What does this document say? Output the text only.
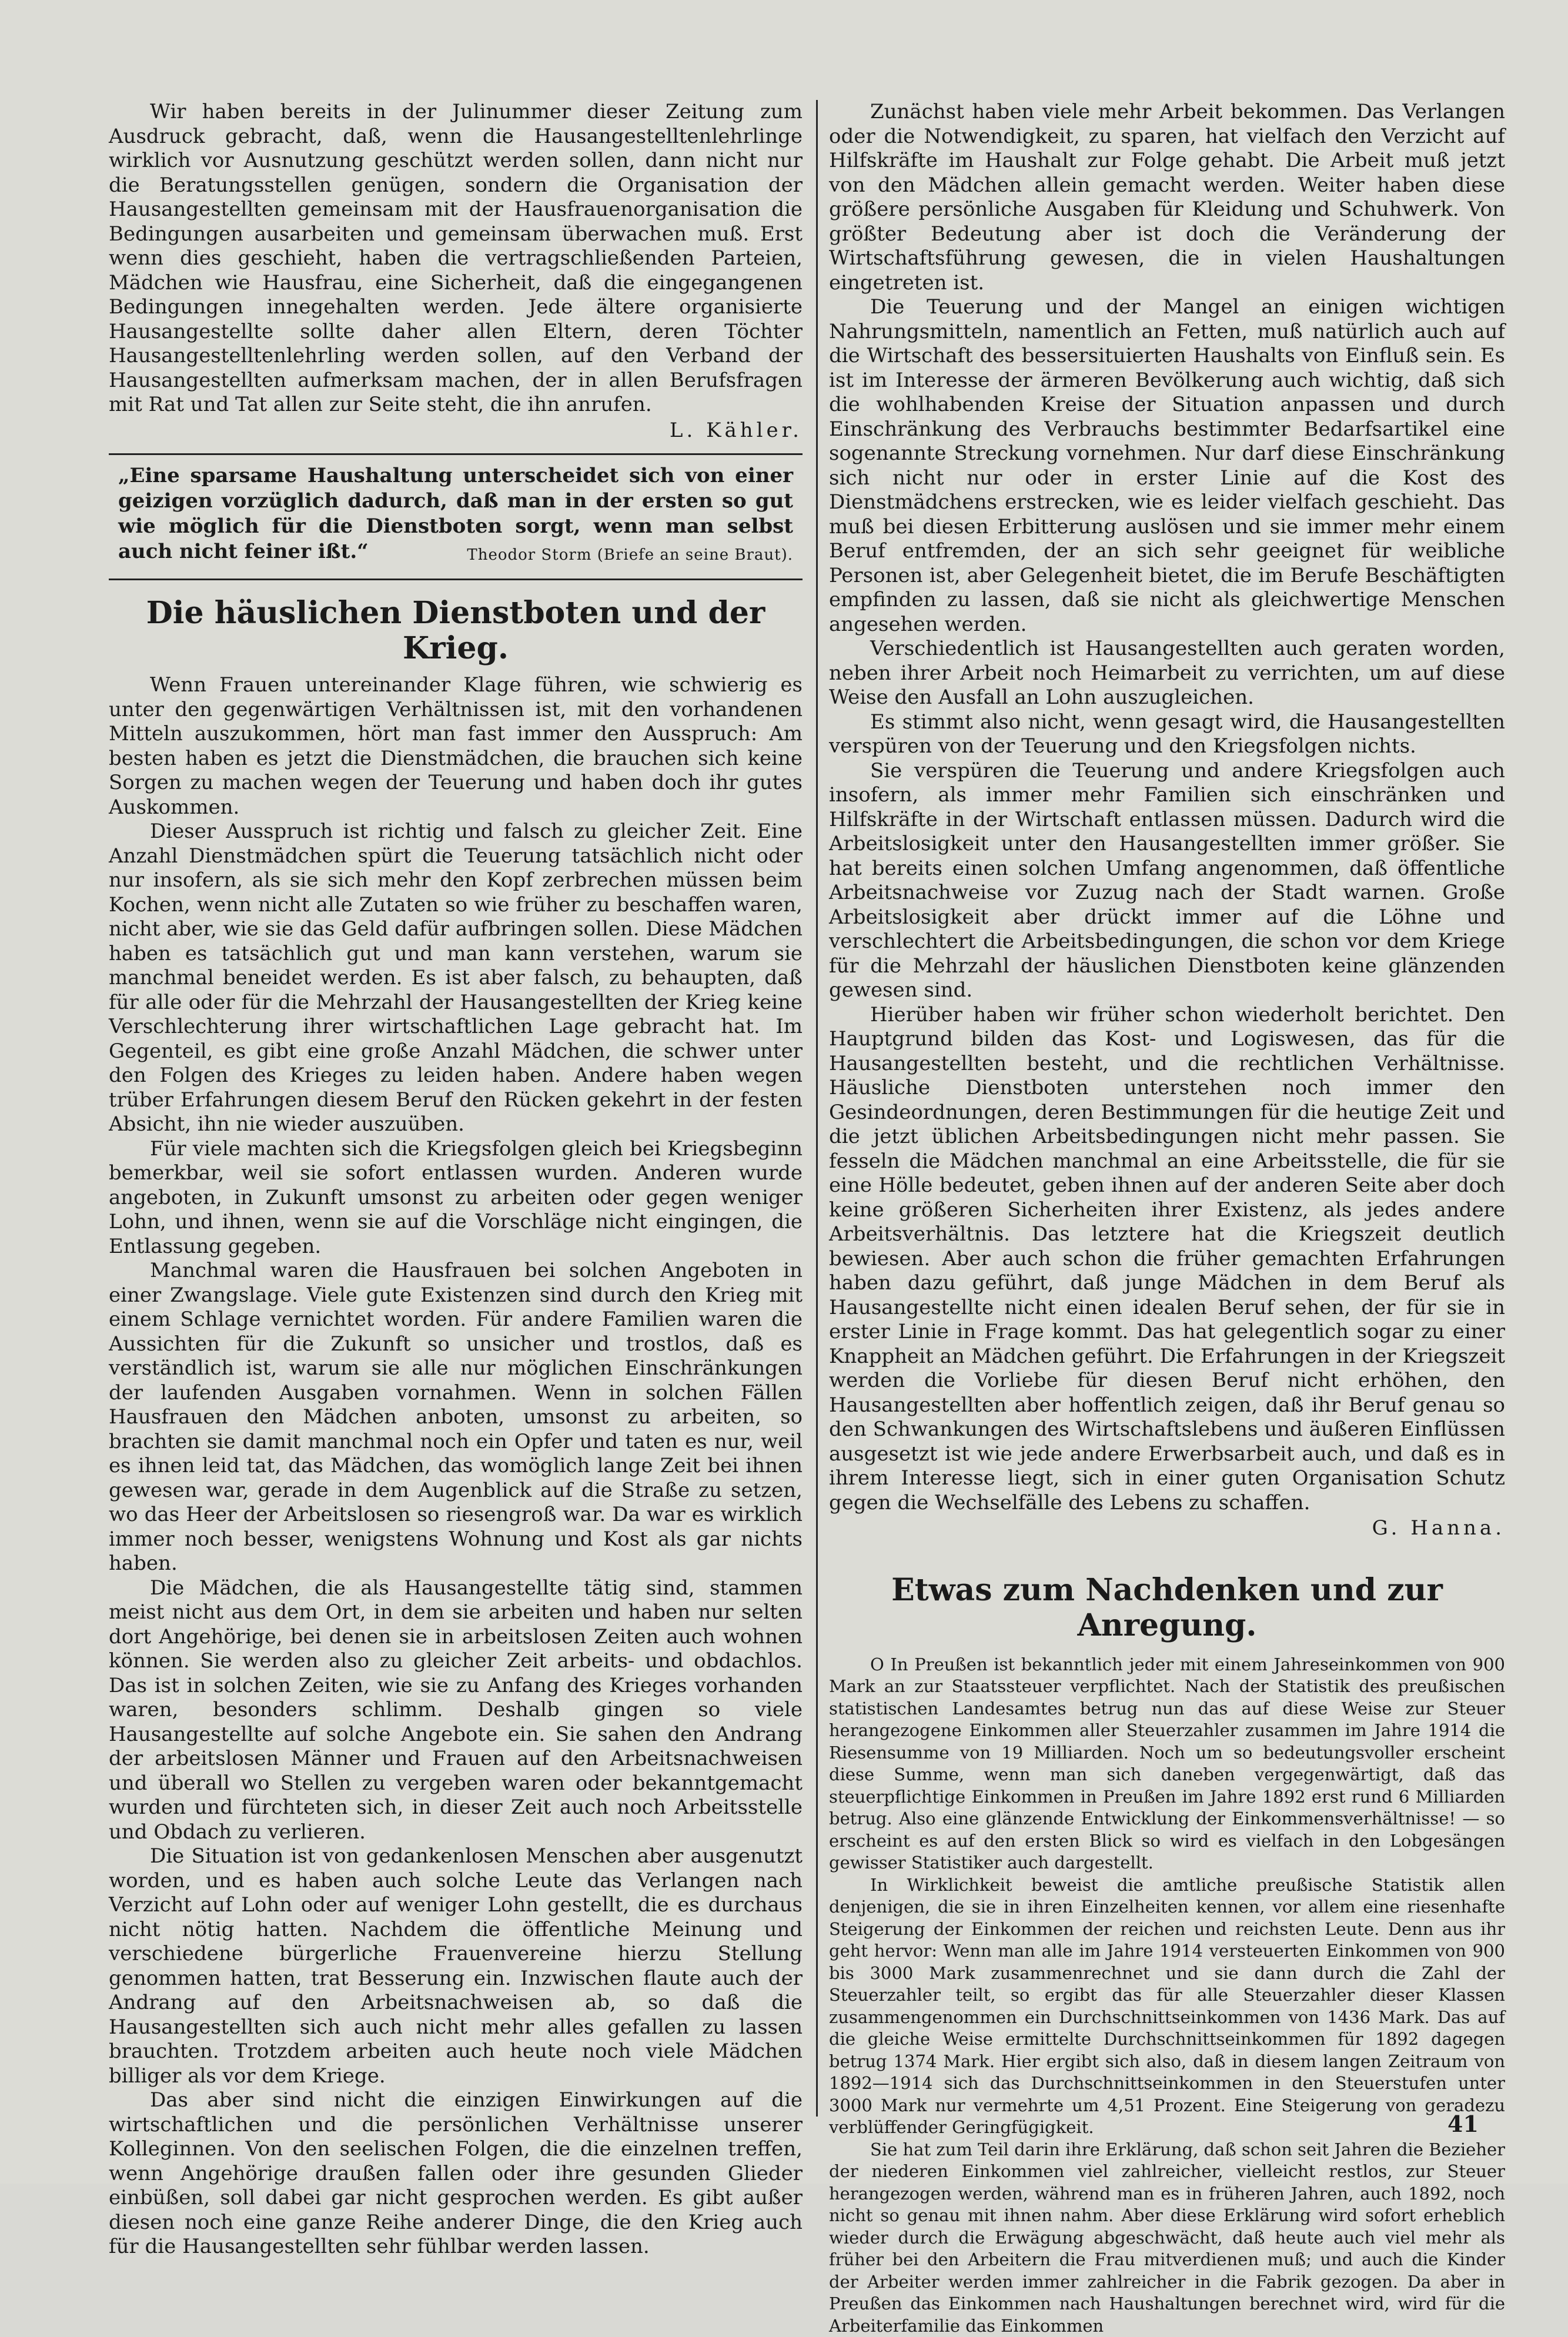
Wir haben bereits in der Julinummer dieser Zeitung zum Ausdruck gebracht, daß, wenn die Hausangestelltenlehrlinge wirklich vor Ausnutzung geschützt werden sollen, dann nicht nur die Beratungsstellen genügen, sondern die Organisation der Hausangestellten gemeinsam mit der Hausfrauenorganisation die Bedingungen ausarbeiten und gemeinsam überwachen muß. Erst wenn dies geschieht, haben die vertragschließenden Parteien, Mädchen wie Hausfrau, eine Sicherheit, daß die eingegangenen Bedingungen innegehalten werden. Jede ältere organisierte Hausangestellte sollte daher allen Eltern, deren Töchter Hausangestelltenlehrling werden sollen, auf den Verband der Hausangestellten aufmerksam machen, der in allen Berufsfragen mit Rat und Tat allen zur Seite steht, die ihn anrufen.

L. Kähler.
„Eine sparsame Haushaltung unterscheidet sich von einer geizigen vorzüglich dadurch, daß man in der ersten so gut wie möglich für die Dienstboten sorgt, wenn man selbst auch nicht feiner ißt.“	Theodor Storm (Briefe an seine Braut).
Die häuslichen Dienstboten und der Krieg.

Wenn Frauen untereinander Klage führen, wie schwierig es unter den gegenwärtigen Verhältnissen ist, mit den vorhandenen Mitteln auszukommen, hört man fast immer den Ausspruch: Am besten haben es jetzt die Dienstmädchen, die brauchen sich keine Sorgen zu machen wegen der Teuerung und haben doch ihr gutes Auskommen.

Dieser Ausspruch ist richtig und falsch zu gleicher Zeit. Eine Anzahl Dienstmädchen spürt die Teuerung tatsächlich nicht oder nur insofern, als sie sich mehr den Kopf zerbrechen müssen beim Kochen, wenn nicht alle Zutaten so wie früher zu beschaffen waren, nicht aber, wie sie das Geld dafür aufbringen sollen. Diese Mädchen haben es tatsächlich gut und man kann verstehen, warum sie manchmal beneidet werden. Es ist aber falsch, zu behaupten, daß für alle oder für die Mehrzahl der Hausangestellten der Krieg keine Verschlechterung ihrer wirtschaftlichen Lage gebracht hat. Im Gegenteil, es gibt eine große Anzahl Mädchen, die schwer unter den Folgen des Krieges zu leiden haben. Andere haben wegen trüber Erfahrungen diesem Beruf den Rücken gekehrt in der festen Absicht, ihn nie wieder auszuüben.

Für viele machten sich die Kriegsfolgen gleich bei Kriegsbeginn bemerkbar, weil sie sofort entlassen wurden. Anderen wurde angeboten, in Zukunft umsonst zu arbeiten oder gegen weniger Lohn, und ihnen, wenn sie auf die Vorschläge nicht eingingen, die Entlassung gegeben.

Manchmal waren die Hausfrauen bei solchen Angeboten in einer Zwangslage. Viele gute Existenzen sind durch den Krieg mit einem Schlage vernichtet worden. Für andere Familien waren die Aussichten für die Zukunft so unsicher und trostlos, daß es verständlich ist, warum sie alle nur möglichen Einschränkungen der laufenden Ausgaben vornahmen. Wenn in solchen Fällen Hausfrauen den Mädchen anboten, umsonst zu arbeiten, so brachten sie damit manchmal noch ein Opfer und taten es nur, weil es ihnen leid tat, das Mädchen, das womöglich lange Zeit bei ihnen gewesen war, gerade in dem Augenblick auf die Straße zu setzen, wo das Heer der Arbeitslosen so riesengroß war. Da war es wirklich immer noch besser, wenigstens Wohnung und Kost als gar nichts haben.

Die Mädchen, die als Hausangestellte tätig sind, stammen meist nicht aus dem Ort, in dem sie arbeiten und haben nur selten dort Angehörige, bei denen sie in arbeitslosen Zeiten auch wohnen können. Sie werden also zu gleicher Zeit arbeits- und obdachlos. Das ist in solchen Zeiten, wie sie zu Anfang des Krieges vorhanden waren, besonders schlimm. Deshalb gingen so viele Hausangestellte auf solche Angebote ein. Sie sahen den Andrang der arbeitslosen Männer und Frauen auf den Arbeitsnachweisen und überall wo Stellen zu vergeben waren oder bekanntgemacht wurden und fürchteten sich, in dieser Zeit auch noch Arbeitsstelle und Obdach zu verlieren.

Die Situation ist von gedankenlosen Menschen aber ausgenutzt worden, und es haben auch solche Leute das Verlangen nach Verzicht auf Lohn oder auf weniger Lohn gestellt, die es durchaus nicht nötig hatten. Nachdem die öffentliche Meinung und verschiedene bürgerliche Frauenvereine hierzu Stellung genommen hatten, trat Besserung ein. Inzwischen flaute auch der Andrang auf den Arbeitsnachweisen ab, so daß die Hausangestellten sich auch nicht mehr alles gefallen zu lassen brauchten. Trotzdem arbeiten auch heute noch viele Mädchen billiger als vor dem Kriege.

Das aber sind nicht die einzigen Einwirkungen auf die wirtschaftlichen und die persönlichen Verhältnisse unserer Kolleginnen. Von den seelischen Folgen, die die einzelnen treffen, wenn Angehörige draußen fallen oder ihre gesunden Glieder einbüßen, soll dabei gar nicht gesprochen werden. Es gibt außer diesen noch eine ganze Reihe anderer Dinge, die den Krieg auch für die Hausangestellten sehr fühlbar werden lassen.

Zunächst haben viele mehr Arbeit bekommen. Das Verlangen oder die Notwendigkeit, zu sparen, hat vielfach den Verzicht auf Hilfskräfte im Haushalt zur Folge gehabt. Die Arbeit muß jetzt von den Mädchen allein gemacht werden. Weiter haben diese größere persönliche Ausgaben für Kleidung und Schuhwerk. Von größter Bedeutung aber ist doch die Veränderung der Wirtschaftsführung gewesen, die in vielen Haushaltungen eingetreten ist.

Die Teuerung und der Mangel an einigen wichtigen Nahrungsmitteln, namentlich an Fetten, muß natürlich auch auf die Wirtschaft des bessersituierten Haushalts von Einfluß sein. Es ist im Interesse der ärmeren Bevölkerung auch wichtig, daß sich die wohlhabenden Kreise der Situation anpassen und durch Einschränkung des Verbrauchs bestimmter Bedarfsartikel eine sogenannte Streckung vornehmen. Nur darf diese Einschränkung sich nicht nur oder in erster Linie auf die Kost des Dienstmädchens erstrecken, wie es leider vielfach geschieht. Das muß bei diesen Erbitterung auslösen und sie immer mehr einem Beruf entfremden, der an sich sehr geeignet für weibliche Personen ist, aber Gelegenheit bietet, die im Berufe Beschäftigten empfinden zu lassen, daß sie nicht als gleichwertige Menschen angesehen werden.

Verschiedentlich ist Hausangestellten auch geraten worden, neben ihrer Arbeit noch Heimarbeit zu verrichten, um auf diese Weise den Ausfall an Lohn auszugleichen.

Es stimmt also nicht, wenn gesagt wird, die Hausangestellten verspüren von der Teuerung und den Kriegsfolgen nichts.

Sie verspüren die Teuerung und andere Kriegsfolgen auch insofern, als immer mehr Familien sich einschränken und Hilfskräfte in der Wirtschaft entlassen müssen. Dadurch wird die Arbeitslosigkeit unter den Hausangestellten immer größer. Sie hat bereits einen solchen Umfang angenommen, daß öffentliche Arbeitsnachweise vor Zuzug nach der Stadt warnen. Große Arbeitslosigkeit aber drückt immer auf die Löhne und verschlechtert die Arbeitsbedingungen, die schon vor dem Kriege für die Mehrzahl der häuslichen Dienstboten keine glänzenden gewesen sind.

Hierüber haben wir früher schon wiederholt berichtet. Den Hauptgrund bilden das Kost- und Logiswesen, das für die Hausangestellten besteht, und die rechtlichen Verhältnisse. Häusliche Dienstboten unterstehen noch immer den Gesindeordnungen, deren Bestimmungen für die heutige Zeit und die jetzt üblichen Arbeitsbedingungen nicht mehr passen. Sie fesseln die Mädchen manchmal an eine Arbeitsstelle, die für sie eine Hölle bedeutet, geben ihnen auf der anderen Seite aber doch keine größeren Sicherheiten ihrer Existenz, als jedes andere Arbeitsverhältnis. Das letztere hat die Kriegszeit deutlich bewiesen. Aber auch schon die früher gemachten Erfahrungen haben dazu geführt, daß junge Mädchen in dem Beruf als Hausangestellte nicht einen idealen Beruf sehen, der für sie in erster Linie in Frage kommt. Das hat gelegentlich sogar zu einer Knappheit an Mädchen geführt. Die Erfahrungen in der Kriegszeit werden die Vorliebe für diesen Beruf nicht erhöhen, den Hausangestellten aber hoffentlich zeigen, daß ihr Beruf genau so den Schwankungen des Wirtschaftslebens und äußeren Einflüssen ausgesetzt ist wie jede andere Erwerbsarbeit auch, und daß es in ihrem Interesse liegt, sich in einer guten Organisation Schutz gegen die Wechselfälle des Lebens zu schaffen.

G. Hanna.
Etwas zum Nachdenken und zur Anregung.

O In Preußen ist bekanntlich jeder mit einem Jahreseinkommen von 900 Mark an zur Staatssteuer verpflichtet. Nach der Statistik des preußischen statistischen Landesamtes betrug nun das auf diese Weise zur Steuer herangezogene Einkommen aller Steuerzahler zusammen im Jahre 1914 die Riesensumme von 19 Milliarden. Noch um so bedeutungsvoller erscheint diese Summe, wenn man sich daneben vergegenwärtigt, daß das steuerpflichtige Einkommen in Preußen im Jahre 1892 erst rund 6 Milliarden betrug. Also eine glänzende Entwicklung der Einkommensverhältnisse! — so erscheint es auf den ersten Blick so wird es vielfach in den Lobgesängen gewisser Statistiker auch dargestellt.

In Wirklichkeit beweist die amtliche preußische Statistik allen denjenigen, die sie in ihren Einzelheiten kennen, vor allem eine riesenhafte Steigerung der Einkommen der reichen und reichsten Leute. Denn aus ihr geht hervor: Wenn man alle im Jahre 1914 versteuerten Einkommen von 900 bis 3000 Mark zusammenrechnet und sie dann durch die Zahl der Steuerzahler teilt, so ergibt das für alle Steuerzahler dieser Klassen zusammengenommen ein Durchschnittseinkommen von 1436 Mark. Das auf die gleiche Weise ermittelte Durchschnittseinkommen für 1892 dagegen betrug 1374 Mark. Hier ergibt sich also, daß in diesem langen Zeitraum von 1892—1914 sich das Durchschnittseinkommen in den Steuerstufen unter 3000 Mark nur vermehrte um 4,51 Prozent. Eine Steigerung von geradezu verblüffender Geringfügigkeit.

Sie hat zum Teil darin ihre Erklärung, daß schon seit Jahren die Bezieher der niederen Einkommen viel zahlreicher, vielleicht restlos, zur Steuer herangezogen werden, während man es in früheren Jahren, auch 1892, noch nicht so genau mit ihnen nahm. Aber diese Erklärung wird sofort erheblich wieder durch die Erwägung abgeschwächt, daß heute auch viel mehr als früher bei den Arbeitern die Frau mitverdienen muß; und auch die Kinder der Arbeiter werden immer zahlreicher in die Fabrik gezogen. Da aber in Preußen das Einkommen nach Haushaltungen berechnet wird, wird für die Arbeiterfamilie das Einkommen

41
